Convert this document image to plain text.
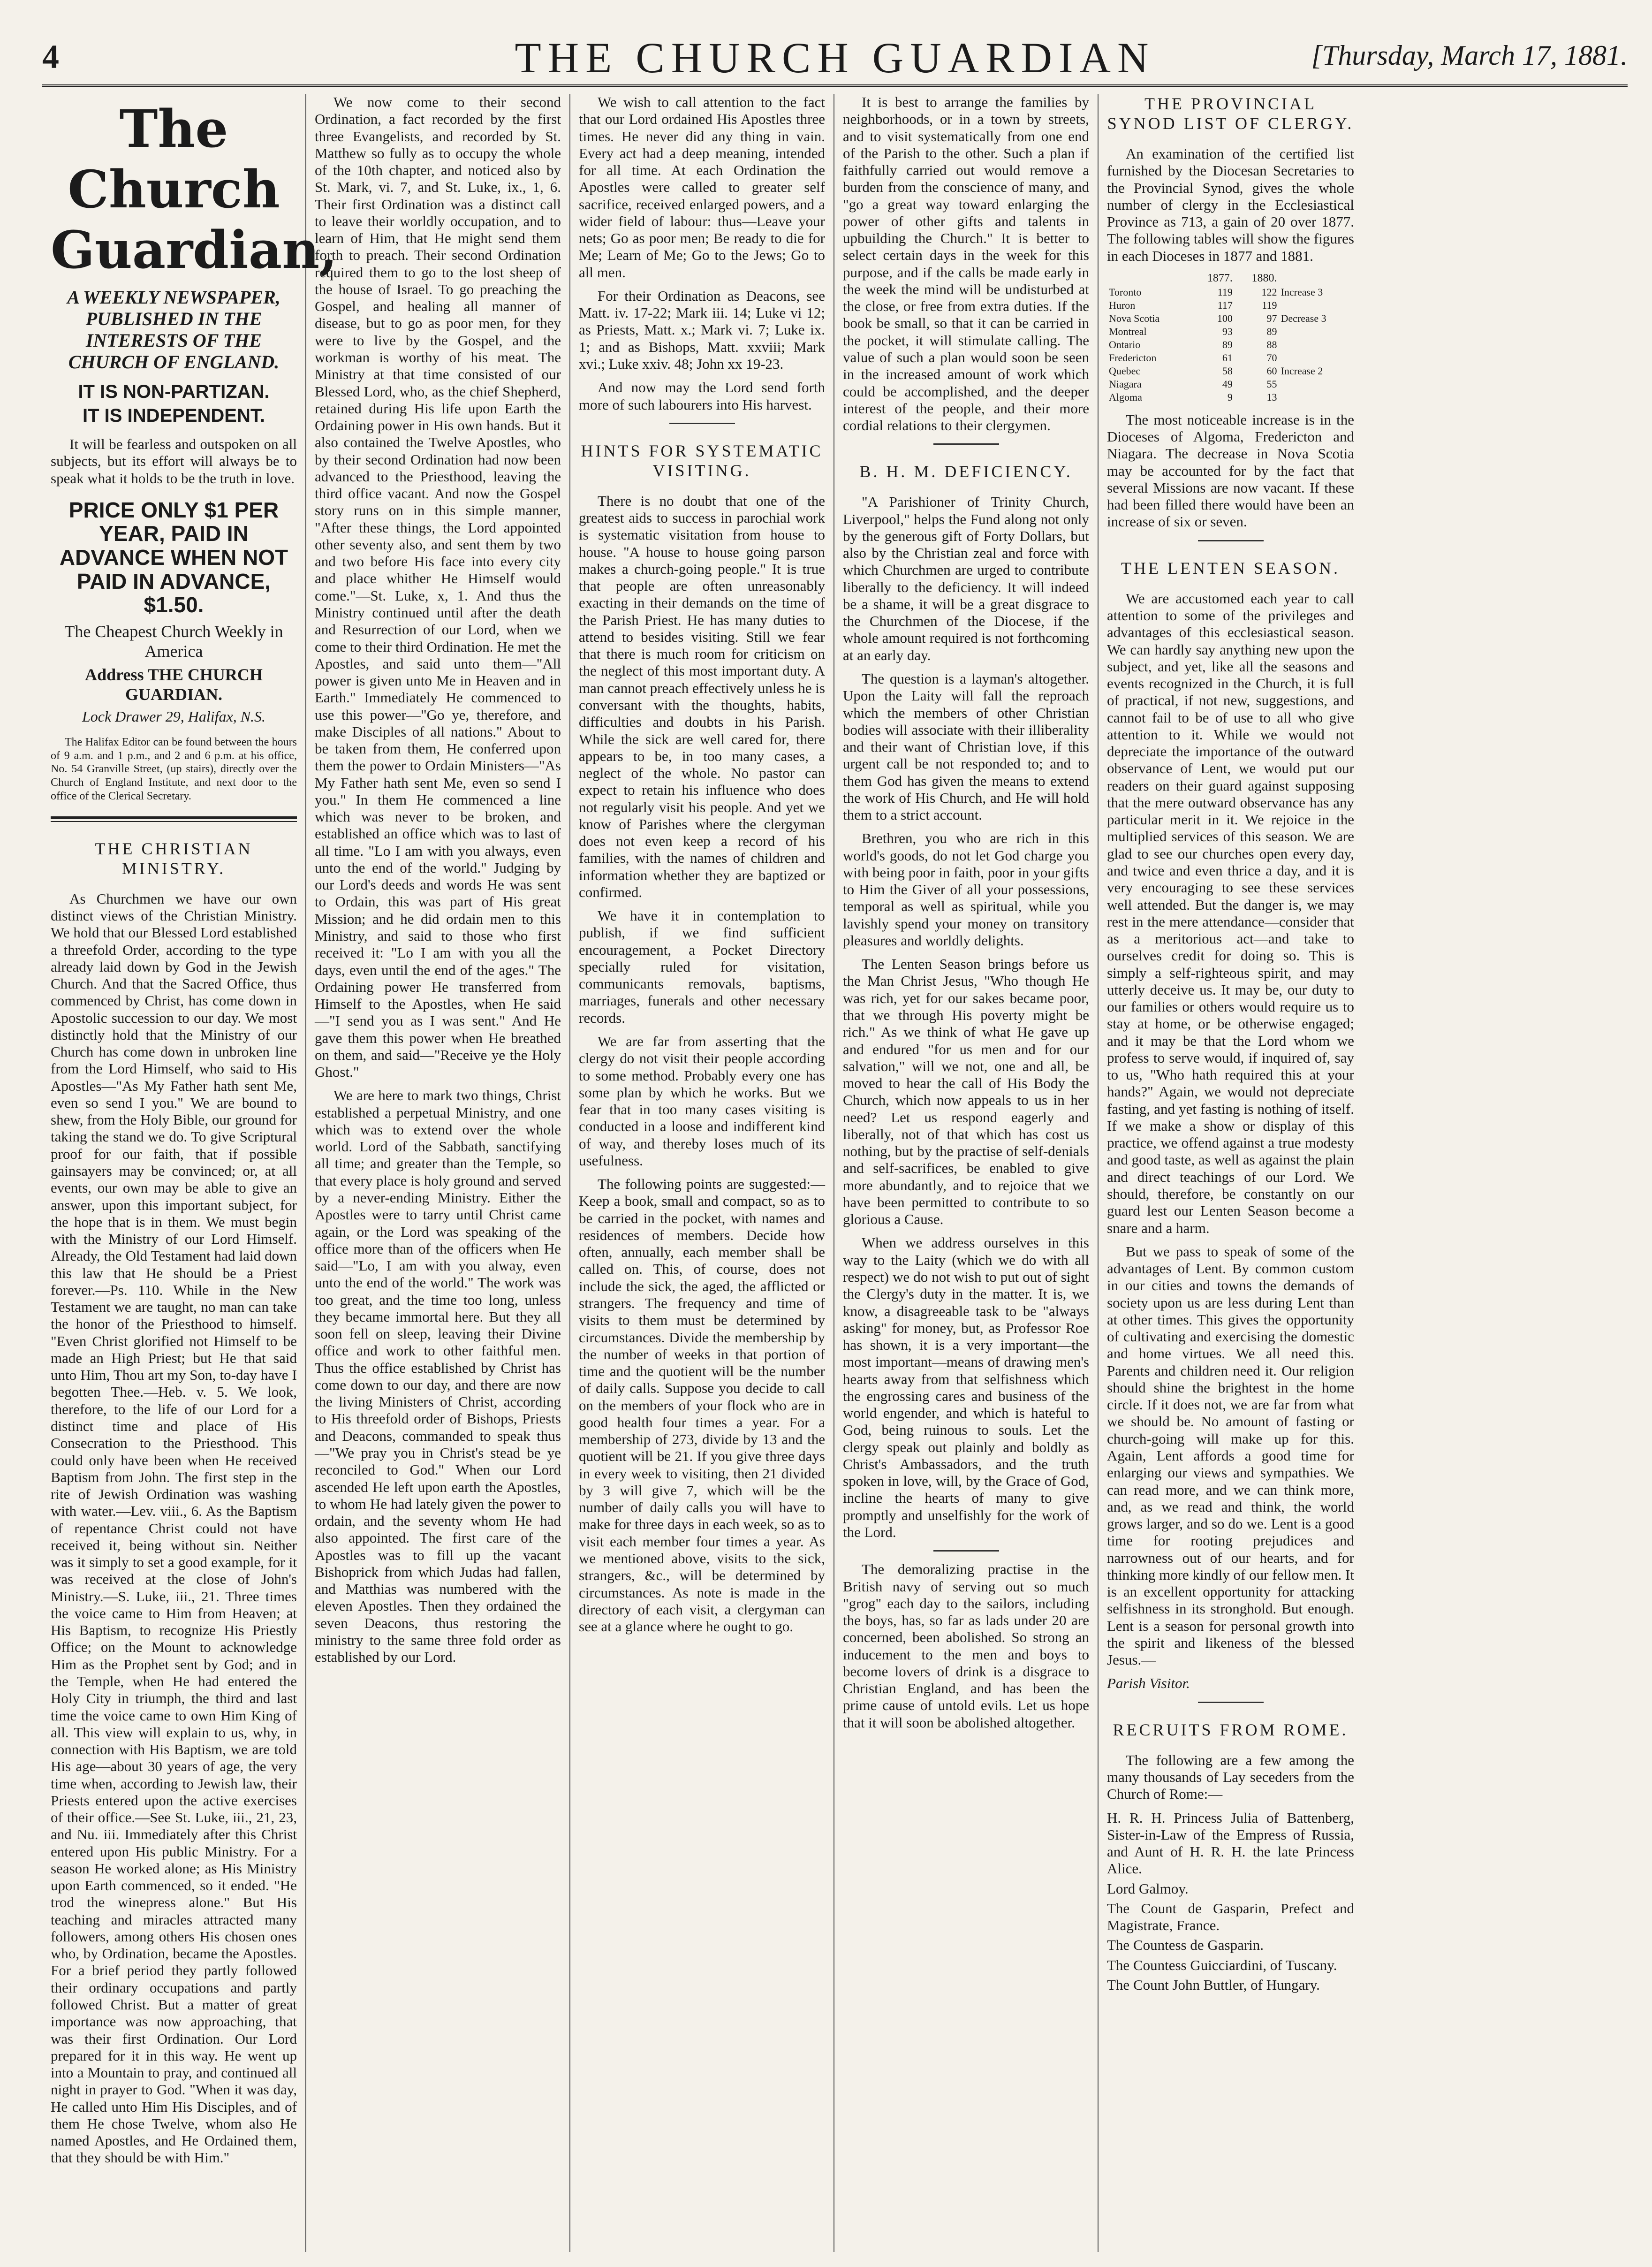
4	THE CHURCH GUARDIAN	[Thursday, March 17, 1881.
The Church Guardian,
A WEEKLY NEWSPAPER, PUBLISHED IN THE INTERESTS OF THE CHURCH OF ENGLAND.
IT IS NON-PARTIZAN.
IT IS INDEPENDENT.

It will be fearless and outspoken on all subjects, but its effort will always be to speak what it holds to be the truth in love.

PRICE ONLY $1 PER YEAR, PAID IN ADVANCE WHEN NOT PAID IN ADVANCE, $1.50.
The Cheapest Church Weekly in America
Address THE CHURCH GUARDIAN.
Lock Drawer 29, Halifax, N.S.

The Halifax Editor can be found between the hours of 9 a.m. and 1 p.m., and 2 and 6 p.m. at his office, No. 54 Granville Street, (up stairs), directly over the Church of England Institute, and next door to the office of the Clerical Secretary.

THE CHRISTIAN MINISTRY.

As Churchmen we have our own distinct views of the Christian Ministry. We hold that our Blessed Lord established a threefold Order, according to the type already laid down by God in the Jewish Church. And that the Sacred Office, thus commenced by Christ, has come down in Apostolic succession to our day. We most distinctly hold that the Ministry of our Church has come down in unbroken line from the Lord Himself, who said to His Apostles—"As My Father hath sent Me, even so send I you." We are bound to shew, from the Holy Bible, our ground for taking the stand we do. To give Scriptural proof for our faith, that if possible gainsayers may be convinced; or, at all events, our own may be able to give an answer, upon this important subject, for the hope that is in them. We must begin with the Ministry of our Lord Himself. Already, the Old Testament had laid down this law that He should be a Priest forever.—Ps. 110. While in the New Testament we are taught, no man can take the honor of the Priesthood to himself. "Even Christ glorified not Himself to be made an High Priest; but He that said unto Him, Thou art my Son, to-day have I begotten Thee.—Heb. v. 5. We look, therefore, to the life of our Lord for a distinct time and place of His Consecration to the Priesthood. This could only have been when He received Baptism from John. The first step in the rite of Jewish Ordination was washing with water.—Lev. viii., 6. As the Baptism of repentance Christ could not have received it, being without sin. Neither was it simply to set a good example, for it was received at the close of John's Ministry.—S. Luke, iii., 21. Three times the voice came to Him from Heaven; at His Baptism, to recognize His Priestly Office; on the Mount to acknowledge Him as the Prophet sent by God; and in the Temple, when He had entered the Holy City in triumph, the third and last time the voice came to own Him King of all. This view will explain to us, why, in connection with His Baptism, we are told His age—about 30 years of age, the very time when, according to Jewish law, their Priests entered upon the active exercises of their office.—See St. Luke, iii., 21, 23, and Nu. iii. Immediately after this Christ entered upon His public Ministry. For a season He worked alone; as His Ministry upon Earth commenced, so it ended. "He trod the winepress alone." But His teaching and miracles attracted many followers, among others His chosen ones who, by Ordination, became the Apostles. For a brief period they partly followed their ordinary occupations and partly followed Christ. But a matter of great importance was now approaching, that was their first Ordination. Our Lord prepared for it in this way. He went up into a Mountain to pray, and continued all night in prayer to God. "When it was day, He called unto Him His Disciples, and of them He chose Twelve, whom also He named Apostles, and He Ordained them, that they should be with Him."

We now come to their second Ordination, a fact recorded by the first three Evangelists, and recorded by St. Matthew so fully as to occupy the whole of the 10th chapter, and noticed also by St. Mark, vi. 7, and St. Luke, ix., 1, 6. Their first Ordination was a distinct call to leave their worldly occupation, and to learn of Him, that He might send them forth to preach. Their second Ordination required them to go to the lost sheep of the house of Israel. To go preaching the Gospel, and healing all manner of disease, but to go as poor men, for they were to live by the Gospel, and the workman is worthy of his meat. The Ministry at that time consisted of our Blessed Lord, who, as the chief Shepherd, retained during His life upon Earth the Ordaining power in His own hands. But it also contained the Twelve Apostles, who by their second Ordination had now been advanced to the Priesthood, leaving the third office vacant. And now the Gospel story runs on in this simple manner, "After these things, the Lord appointed other seventy also, and sent them by two and two before His face into every city and place whither He Himself would come."—St. Luke, x, 1. And thus the Ministry continued until after the death and Resurrection of our Lord, when we come to their third Ordination. He met the Apostles, and said unto them—"All power is given unto Me in Heaven and in Earth." Immediately He commenced to use this power—"Go ye, therefore, and make Disciples of all nations." About to be taken from them, He conferred upon them the power to Ordain Ministers—"As My Father hath sent Me, even so send I you." In them He commenced a line which was never to be broken, and established an office which was to last of all time. "Lo I am with you always, even unto the end of the world." Judging by our Lord's deeds and words He was sent to Ordain, this was part of His great Mission; and he did ordain men to this Ministry, and said to those who first received it: "Lo I am with you all the days, even until the end of the ages." The Ordaining power He transferred from Himself to the Apostles, when He said—"I send you as I was sent." And He gave them this power when He breathed on them, and said—"Receive ye the Holy Ghost."

We are here to mark two things, Christ established a perpetual Ministry, and one which was to extend over the whole world. Lord of the Sabbath, sanctifying all time; and greater than the Temple, so that every place is holy ground and served by a never-ending Ministry. Either the Apostles were to tarry until Christ came again, or the Lord was speaking of the office more than of the officers when He said—"Lo, I am with you alway, even unto the end of the world." The work was too great, and the time too long, unless they became immortal here. But they all soon fell on sleep, leaving their Divine office and work to other faithful men. Thus the office established by Christ has come down to our day, and there are now the living Ministers of Christ, according to His threefold order of Bishops, Priests and Deacons, commanded to speak thus—"We pray you in Christ's stead be ye reconciled to God." When our Lord ascended He left upon earth the Apostles, to whom He had lately given the power to ordain, and the seventy whom He had also appointed. The first care of the Apostles was to fill up the vacant Bishoprick from which Judas had fallen, and Matthias was numbered with the eleven Apostles. Then they ordained the seven Deacons, thus restoring the ministry to the same three fold order as established by our Lord.

We wish to call attention to the fact that our Lord ordained His Apostles three times. He never did any thing in vain. Every act had a deep meaning, intended for all time. At each Ordination the Apostles were called to greater self sacrifice, received enlarged powers, and a wider field of labour: thus—Leave your nets; Go as poor men; Be ready to die for Me; Learn of Me; Go to the Jews; Go to all men.

For their Ordination as Deacons, see Matt. iv. 17-22; Mark iii. 14; Luke vi 12; as Priests, Matt. x.; Mark vi. 7; Luke ix. 1; and as Bishops, Matt. xxviii; Mark xvi.; Luke xxiv. 48; John xx 19-23.

And now may the Lord send forth more of such labourers into His harvest.

HINTS FOR SYSTEMATIC VISITING.

There is no doubt that one of the greatest aids to success in parochial work is systematic visitation from house to house. "A house to house going parson makes a church-going people." It is true that people are often unreasonably exacting in their demands on the time of the Parish Priest. He has many duties to attend to besides visiting. Still we fear that there is much room for criticism on the neglect of this most important duty. A man cannot preach effectively unless he is conversant with the thoughts, habits, difficulties and doubts in his Parish. While the sick are well cared for, there appears to be, in too many cases, a neglect of the whole. No pastor can expect to retain his influence who does not regularly visit his people. And yet we know of Parishes where the clergyman does not even keep a record of his families, with the names of children and information whether they are baptized or confirmed.

We have it in contemplation to publish, if we find sufficient encouragement, a Pocket Directory specially ruled for visitation, communicants removals, baptisms, marriages, funerals and other necessary records.

We are far from asserting that the clergy do not visit their people according to some method. Probably every one has some plan by which he works. But we fear that in too many cases visiting is conducted in a loose and indifferent kind of way, and thereby loses much of its usefulness.

The following points are suggested:—Keep a book, small and compact, so as to be carried in the pocket, with names and residences of members. Decide how often, annually, each member shall be called on. This, of course, does not include the sick, the aged, the afflicted or strangers. The frequency and time of visits to them must be determined by circumstances. Divide the membership by the number of weeks in that portion of time and the quotient will be the number of daily calls. Suppose you decide to call on the members of your flock who are in good health four times a year. For a membership of 273, divide by 13 and the quotient will be 21. If you give three days in every week to visiting, then 21 divided by 3 will give 7, which will be the number of daily calls you will have to make for three days in each week, so as to visit each member four times a year. As we mentioned above, visits to the sick, strangers, &c., will be determined by circumstances. As note is made in the directory of each visit, a clergyman can see at a glance where he ought to go.

It is best to arrange the families by neighborhoods, or in a town by streets, and to visit systematically from one end of the Parish to the other. Such a plan if faithfully carried out would remove a burden from the conscience of many, and "go a great way toward enlarging the power of other gifts and talents in upbuilding the Church." It is better to select certain days in the week for this purpose, and if the calls be made early in the week the mind will be undisturbed at the close, or free from extra duties. If the book be small, so that it can be carried in the pocket, it will stimulate calling. The value of such a plan would soon be seen in the increased amount of work which could be accomplished, and the deeper interest of the people, and their more cordial relations to their clergymen.

B. H. M. DEFICIENCY.

"A Parishioner of Trinity Church, Liverpool," helps the Fund along not only by the generous gift of Forty Dollars, but also by the Christian zeal and force with which Churchmen are urged to contribute liberally to the deficiency. It will indeed be a shame, it will be a great disgrace to the Churchmen of the Diocese, if the whole amount required is not forthcoming at an early day.

The question is a layman's altogether. Upon the Laity will fall the reproach which the members of other Christian bodies will associate with their illiberality and their want of Christian love, if this urgent call be not responded to; and to them God has given the means to extend the work of His Church, and He will hold them to a strict account.

Brethren, you who are rich in this world's goods, do not let God charge you with being poor in faith, poor in your gifts to Him the Giver of all your possessions, temporal as well as spiritual, while you lavishly spend your money on transitory pleasures and worldly delights.

The Lenten Season brings before us the Man Christ Jesus, "Who though He was rich, yet for our sakes became poor, that we through His poverty might be rich." As we think of what He gave up and endured "for us men and for our salvation," will we not, one and all, be moved to hear the call of His Body the Church, which now appeals to us in her need? Let us respond eagerly and liberally, not of that which has cost us nothing, but by the practise of self-denials and self-sacrifices, be enabled to give more abundantly, and to rejoice that we have been permitted to contribute to so glorious a Cause.

When we address ourselves in this way to the Laity (which we do with all respect) we do not wish to put out of sight the Clergy's duty in the matter. It is, we know, a disagreeable task to be "always asking" for money, but, as Professor Roe has shown, it is a very important—the most important—means of drawing men's hearts away from that selfishness which the engrossing cares and business of the world engender, and which is hateful to God, being ruinous to souls. Let the clergy speak out plainly and boldly as Christ's Ambassadors, and the truth spoken in love, will, by the Grace of God, incline the hearts of many to give promptly and unselfishly for the work of the Lord.

The demoralizing practise in the British navy of serving out so much "grog" each day to the sailors, including the boys, has, so far as lads under 20 are concerned, been abolished. So strong an inducement to the men and boys to become lovers of drink is a disgrace to Christian England, and has been the prime cause of untold evils. Let us hope that it will soon be abolished altogether.

THE PROVINCIAL SYNOD LIST OF CLERGY.

An examination of the certified list furnished by the Diocesan Secretaries to the Provincial Synod, gives the whole number of clergy in the Ecclesiastical Province as 713, a gain of 20 over 1877. The following tables will show the figures in each Dioceses in 1877 and 1881.

	1877.	1880.	
Toronto	119	122	Increase 3
Huron	117	119	
Nova Scotia	100	97	Decrease 3
Montreal	93	89	
Ontario	89	88	
Fredericton	61	70	
Quebec	58	60	Increase 2
Niagara	49	55	
Algoma	9	13	

The most noticeable increase is in the Dioceses of Algoma, Fredericton and Niagara. The decrease in Nova Scotia may be accounted for by the fact that several Missions are now vacant. If these had been filled there would have been an increase of six or seven.

THE LENTEN SEASON.

We are accustomed each year to call attention to some of the privileges and advantages of this ecclesiastical season. We can hardly say anything new upon the subject, and yet, like all the seasons and events recognized in the Church, it is full of practical, if not new, suggestions, and cannot fail to be of use to all who give attention to it. While we would not depreciate the importance of the outward observance of Lent, we would put our readers on their guard against supposing that the mere outward observance has any particular merit in it. We rejoice in the multiplied services of this season. We are glad to see our churches open every day, and twice and even thrice a day, and it is very encouraging to see these services well attended. But the danger is, we may rest in the mere attendance—consider that as a meritorious act—and take to ourselves credit for doing so. This is simply a self-righteous spirit, and may utterly deceive us. It may be, our duty to our families or others would require us to stay at home, or be otherwise engaged; and it may be that the Lord whom we profess to serve would, if inquired of, say to us, "Who hath required this at your hands?" Again, we would not depreciate fasting, and yet fasting is nothing of itself. If we make a show or display of this practice, we offend against a true modesty and good taste, as well as against the plain and direct teachings of our Lord. We should, therefore, be constantly on our guard lest our Lenten Season become a snare and a harm.

But we pass to speak of some of the advantages of Lent. By common custom in our cities and towns the demands of society upon us are less during Lent than at other times. This gives the opportunity of cultivating and exercising the domestic and home virtues. We all need this. Parents and children need it. Our religion should shine the brightest in the home circle. If it does not, we are far from what we should be. No amount of fasting or church-going will make up for this. Again, Lent affords a good time for enlarging our views and sympathies. We can read more, and we can think more, and, as we read and think, the world grows larger, and so do we. Lent is a good time for rooting prejudices and narrowness out of our hearts, and for thinking more kindly of our fellow men. It is an excellent opportunity for attacking selfishness in its stronghold. But enough. Lent is a season for personal growth into the spirit and likeness of the blessed Jesus.—

Parish Visitor.

RECRUITS FROM ROME.

The following are a few among the many thousands of Lay seceders from the Church of Rome:—

H. R. H. Princess Julia of Battenberg, Sister-in-Law of the Empress of Russia, and Aunt of H. R. H. the late Princess Alice.

Lord Galmoy.

The Count de Gasparin, Prefect and Magistrate, France.

The Countess de Gasparin.

The Countess Guicciardini, of Tuscany.

The Count John Buttler, of Hungary.
